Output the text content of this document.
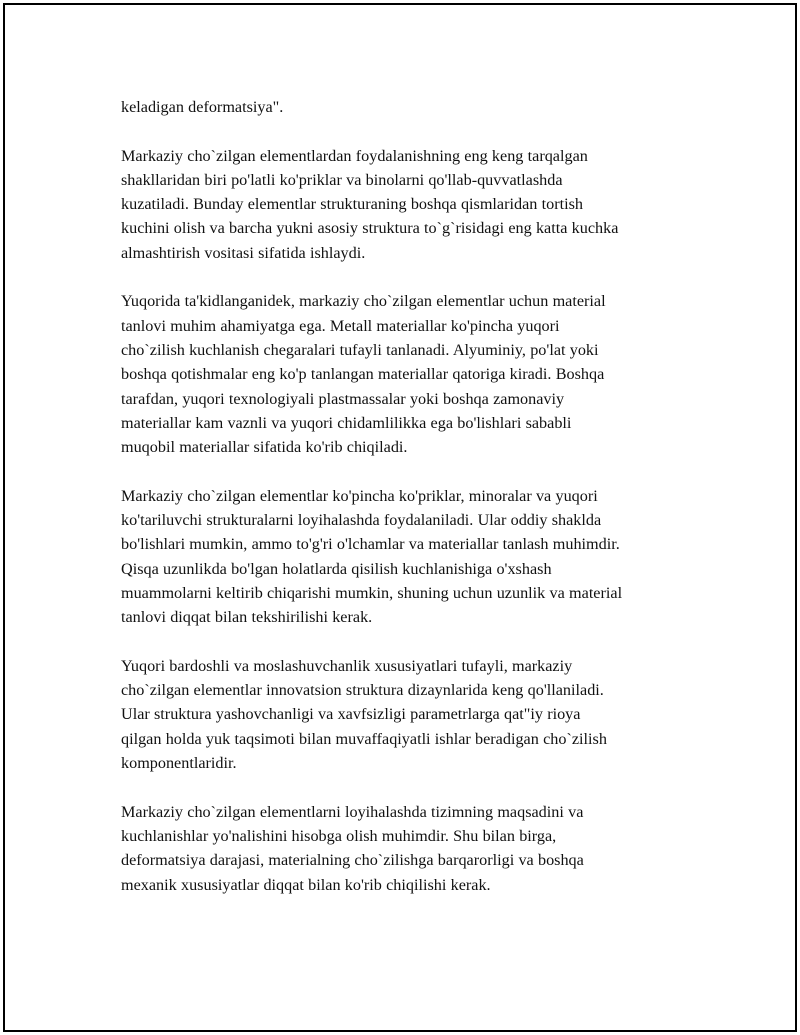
keladigan deformatsiya".

Markaziy cho`zilgan elementlardan foydalanishning eng keng tarqalgan
shakllaridan biri po'latli ko'priklar va binolarni qo'llab-quvvatlashda
kuzatiladi. Bunday elementlar strukturaning boshqa qismlaridan tortish
kuchini olish va barcha yukni asosiy struktura to`g`risidagi eng katta kuchka
almashtirish vositasi sifatida ishlaydi.

Yuqorida ta'kidlanganidek, markaziy cho`zilgan elementlar uchun material
tanlovi muhim ahamiyatga ega. Metall materiallar ko'pincha yuqori
cho`zilish kuchlanish chegaralari tufayli tanlanadi. Alyuminiy, po'lat yoki
boshqa qotishmalar eng ko'p tanlangan materiallar qatoriga kiradi. Boshqa
tarafdan, yuqori texnologiyali plastmassalar yoki boshqa zamonaviy
materiallar kam vaznli va yuqori chidamlilikka ega bo'lishlari sababli
muqobil materiallar sifatida ko'rib chiqiladi.

Markaziy cho`zilgan elementlar ko'pincha ko'priklar, minoralar va yuqori
ko'tariluvchi strukturalarni loyihalashda foydalaniladi. Ular oddiy shaklda
bo'lishlari mumkin, ammo to'g'ri o'lchamlar va materiallar tanlash muhimdir.
Qisqa uzunlikda bo'lgan holatlarda qisilish kuchlanishiga o'xshash
muammolarni keltirib chiqarishi mumkin, shuning uchun uzunlik va material
tanlovi diqqat bilan tekshirilishi kerak.

Yuqori bardoshli va moslashuvchanlik xususiyatlari tufayli, markaziy
cho`zilgan elementlar innovatsion struktura dizaynlarida keng qo'llaniladi.
Ular struktura yashovchanligi va xavfsizligi parametrlarga qat"iy rioya
qilgan holda yuk taqsimoti bilan muvaffaqiyatli ishlar beradigan cho`zilish
komponentlaridir.

Markaziy cho`zilgan elementlarni loyihalashda tizimning maqsadini va
kuchlanishlar yo'nalishini hisobga olish muhimdir. Shu bilan birga,
deformatsiya darajasi, materialning cho`zilishga barqarorligi va boshqa
mexanik xususiyatlar diqqat bilan ko'rib chiqilishi kerak.
